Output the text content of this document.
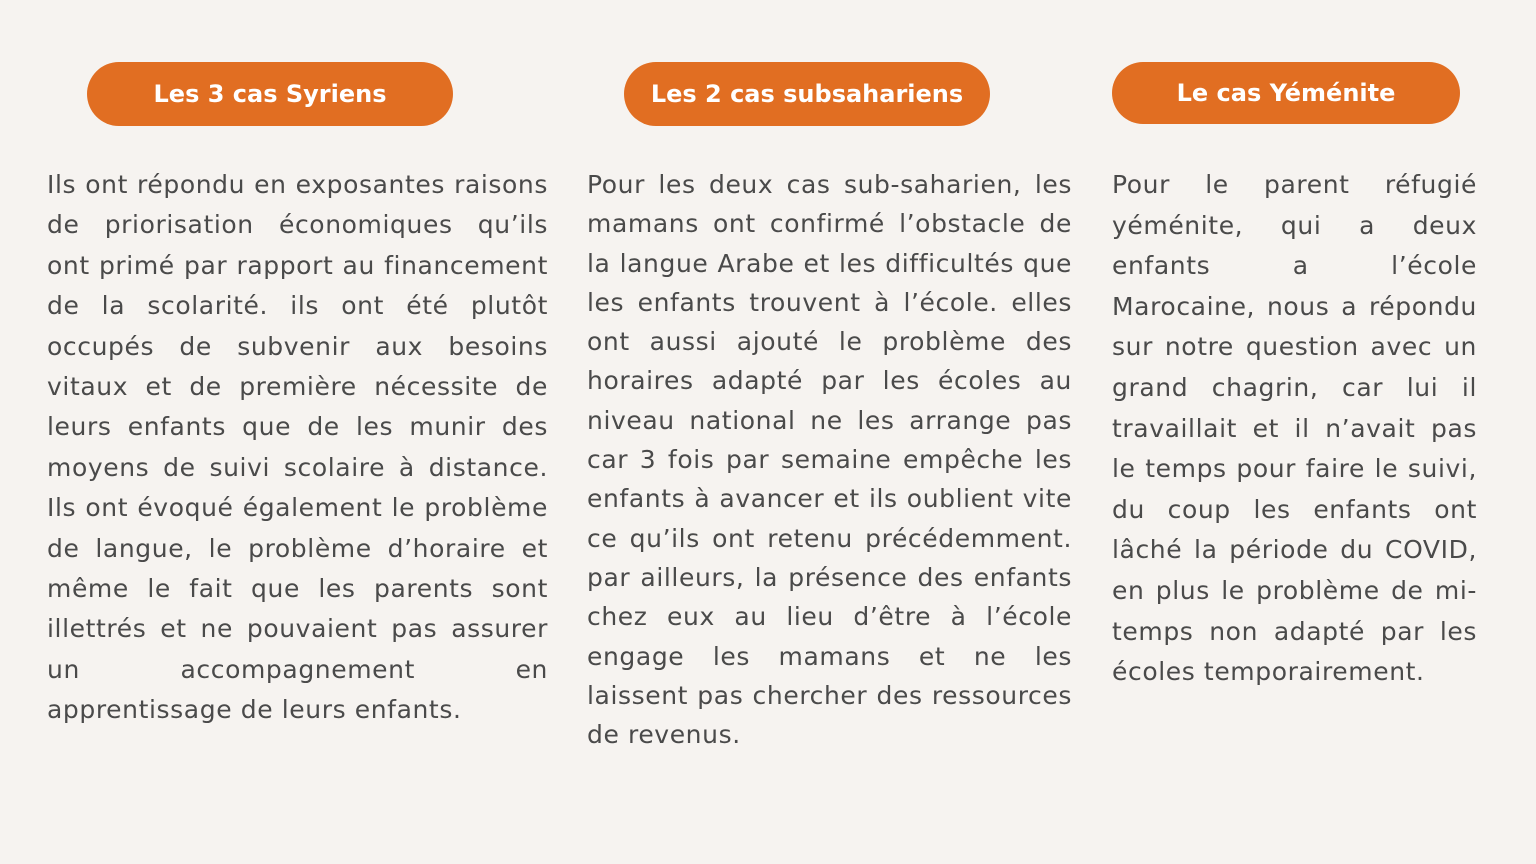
Les 3 cas Syriens	Les 2 cas subsahariens	Le cas Yéménite

Ils ont répondu en exposantes raisons de priorisation économiques qu’ils ont primé par rapport au financement de la scolarité. ils ont été plutôt occupés de subvenir aux besoins vitaux et de première nécessite de leurs enfants que de les munir des moyens de suivi scolaire à distance. Ils ont évoqué également le problème de langue, le problème d’horaire et même le fait que les parents sont illettrés et ne pouvaient pas assurer un accompagnement en apprentissage de leurs enfants.

Pour les deux cas sub-saharien, les mamans ont confirmé l’obstacle de la langue Arabe et les difficultés que les enfants trouvent à l’école. elles ont aussi ajouté le problème des horaires adapté par les écoles au niveau national ne les arrange pas car 3 fois par semaine empêche les enfants à avancer et ils oublient vite ce qu’ils ont retenu précédemment. par ailleurs, la présence des enfants chez eux au lieu d’être à l’école engage les mamans et ne les laissent pas chercher des ressources de revenus.

Pour le parent réfugié yéménite, qui a deux enfants a l’école Marocaine, nous a répondu sur notre question avec un grand chagrin, car lui il travaillait et il n’avait pas le temps pour faire le suivi, du coup les enfants ont lâché la période du COVID, en plus le problème de mi-temps non adapté par les écoles temporairement.
